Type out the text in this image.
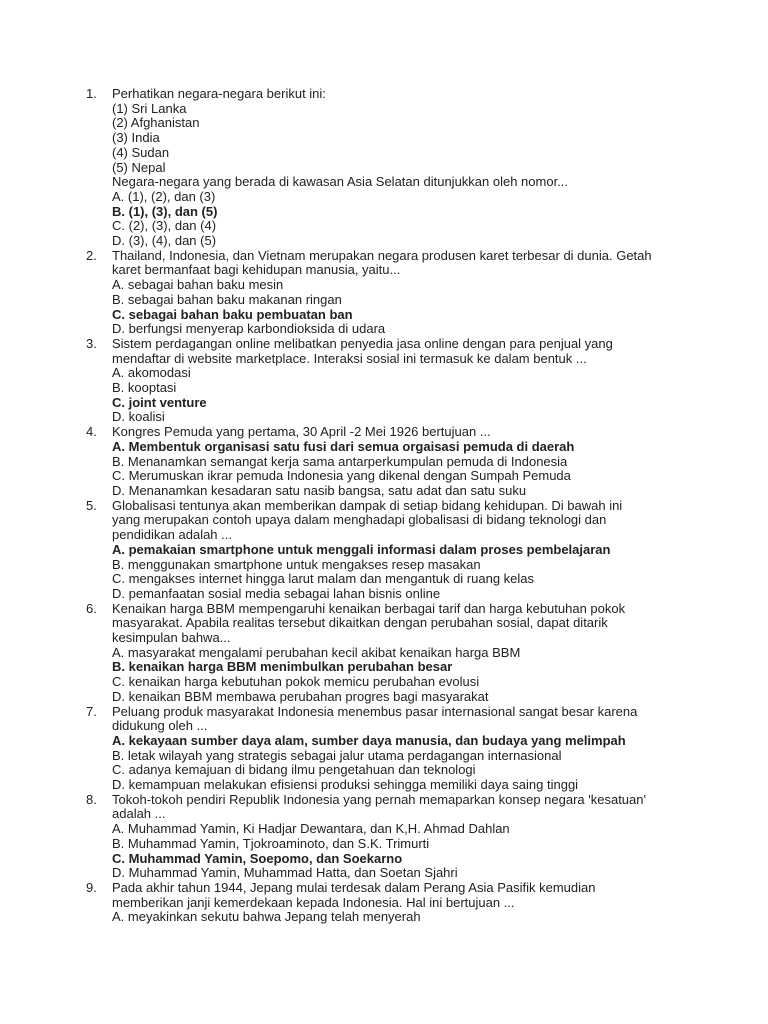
1.	Perhatikan negara-negara berikut ini:
(1) Sri Lanka
(2) Afghanistan
(3) India
(4) Sudan
(5) Nepal
Negara-negara yang berada di kawasan Asia Selatan ditunjukkan oleh nomor...
A. (1), (2), dan (3)
B. (1), (3), dan (5)
C. (2), (3), dan (4)
D. (3), (4), dan (5)
2.	Thailand, Indonesia, dan Vietnam merupakan negara produsen karet terbesar di dunia. Getah
karet bermanfaat bagi kehidupan manusia, yaitu...
A. sebagai bahan baku mesin
B. sebagai bahan baku makanan ringan
C. sebagai bahan baku pembuatan ban
D. berfungsi menyerap karbondioksida di udara
3.	Sistem perdagangan online melibatkan penyedia jasa online dengan para penjual yang
mendaftar di website marketplace. Interaksi sosial ini termasuk ke dalam bentuk ...
A. akomodasi
B. kooptasi
C. joint venture
D. koalisi
4.	Kongres Pemuda yang pertama, 30 April -2 Mei 1926 bertujuan ...
A. Membentuk organisasi satu fusi dari semua orgaisasi pemuda di daerah
B. Menanamkan semangat kerja sama antarperkumpulan pemuda di Indonesia
C. Merumuskan ikrar pemuda Indonesia yang dikenal dengan Sumpah Pemuda
D. Menanamkan kesadaran satu nasib bangsa, satu adat dan satu suku
5.	Globalisasi tentunya akan memberikan dampak di setiap bidang kehidupan. Di bawah ini
yang merupakan contoh upaya dalam menghadapi globalisasi di bidang teknologi dan
pendidikan adalah ...
A. pemakaian smartphone untuk menggali informasi dalam proses pembelajaran
B. menggunakan smartphone untuk mengakses resep masakan
C. mengakses internet hingga larut malam dan mengantuk di ruang kelas
D. pemanfaatan sosial media sebagai lahan bisnis online
6.	Kenaikan harga BBM mempengaruhi kenaikan berbagai tarif dan harga kebutuhan pokok
masyarakat. Apabila realitas tersebut dikaitkan dengan perubahan sosial, dapat ditarik
kesimpulan bahwa...
A. masyarakat mengalami perubahan kecil akibat kenaikan harga BBM
B. kenaikan harga BBM menimbulkan perubahan besar
C. kenaikan harga kebutuhan pokok memicu perubahan evolusi
D. kenaikan BBM membawa perubahan progres bagi masyarakat
7.	Peluang produk masyarakat Indonesia menembus pasar internasional sangat besar karena
didukung oleh ...
A. kekayaan sumber daya alam, sumber daya manusia, dan budaya yang melimpah
B. letak wilayah yang strategis sebagai jalur utama perdagangan internasional
C. adanya kemajuan di bidang ilmu pengetahuan dan teknologi
D. kemampuan melakukan efisiensi produksi sehingga memiliki daya saing tinggi
8.	Tokoh-tokoh pendiri Republik Indonesia yang pernah memaparkan konsep negara 'kesatuan'
adalah ...
A. Muhammad Yamin, Ki Hadjar Dewantara, dan K,H. Ahmad Dahlan
B. Muhammad Yamin, Tjokroaminoto, dan S.K. Trimurti
C. Muhammad Yamin, Soepomo, dan Soekarno
D. Muhammad Yamin, Muhammad Hatta, dan Soetan Sjahri
9.	Pada akhir tahun 1944, Jepang mulai terdesak dalam Perang Asia Pasifik kemudian
memberikan janji kemerdekaan kepada Indonesia. Hal ini bertujuan ...
A. meyakinkan sekutu bahwa Jepang telah menyerah
